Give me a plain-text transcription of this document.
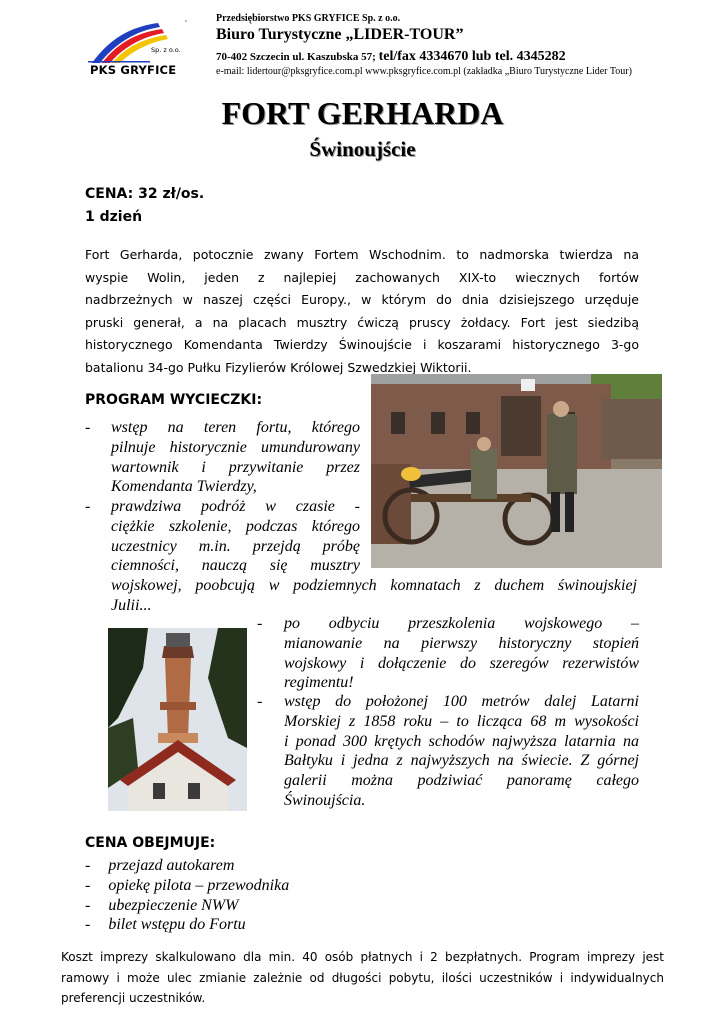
Sp. z o.o.
PKS GRYFICE
Przedsiębiorstwo PKS GRYFICE Sp. z o.o.
Biuro Turystyczne „LIDER-TOUR”
70-402 Szczecin ul. Kaszubska 57; tel/fax 4334670 lub tel. 4345282
e-mail: lidertour@pksgryfice.com.pl www.pksgryfice.com.pl (zakładka „Biuro Turystyczne Lider Tour)
FORT GERHARDA
Świnoujście
CENA: 32 zł/os.
1 dzień
Fort Gerharda, potocznie zwany Fortem Wschodnim. to nadmorska twierdza na
wyspie Wolin, jeden z najlepiej zachowanych XIX-to wiecznych fortów
nadbrzeżnych w naszej części Europy., w którym do dnia dzisiejszego urzęduje
pruski generał, a na placach musztry ćwiczą pruscy żołdacy. Fort jest siedzibą
historycznego Komendanta Twierdzy Świnoujście i koszarami historycznego 3-go
batalionu 34-go Pułku Fizylierów Królowej Szwedzkiej Wiktorii.
PROGRAM WYCIECZKI:
- wstęp na teren fortu, którego
pilnuje historycznie umundurowany
wartownik i przywitanie przez
Komendanta Twierdzy,
- prawdziwa podróż w czasie -
ciężkie szkolenie, podczas którego
uczestnicy m.in. przejdą próbę
ciemności, nauczą się musztry
wojskowej, poobcują w podziemnych komnatach z duchem świnoujskiej
Julii...
- po odbyciu przeszkolenia wojskowego –
mianowanie na pierwszy historyczny stopień
wojskowy i dołączenie do szeregów rezerwistów
regimentu!
- wstęp do położonej 100 metrów dalej Latarni
Morskiej z 1858 roku – to licząca 68 m wysokości
i ponad 300 krętych schodów najwyższa latarnia na
Bałtyku i jedna z najwyższych na świecie. Z górnej
galerii można podziwiać panoramę całego
Świnoujścia.
CENA OBEJMUJE:
- przejazd autokarem
- opiekę pilota – przewodnika
- ubezpieczenie NWW
- bilet wstępu do Fortu
Koszt imprezy skalkulowano dla min. 40 osób płatnych i 2 bezpłatnych. Program imprezy jest
ramowy i może ulec zmianie zależnie od długości pobytu, ilości uczestników i indywidualnych
preferencji uczestników.
